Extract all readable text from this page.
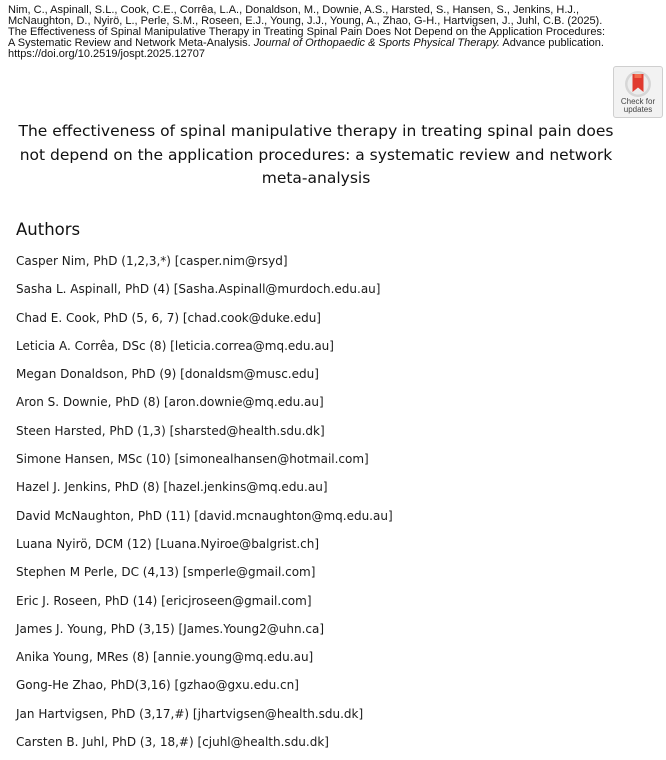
Nim, C., Aspinall, S.L., Cook, C.E., Corrêa, L.A., Donaldson, M., Downie, A.S., Harsted, S., Hansen, S., Jenkins, H.J., McNaughton, D., Nyirö, L., Perle, S.M., Roseen, E.J., Young, J.J., Young, A., Zhao, G-H., Hartvigsen, J., Juhl, C.B. (2025). The Effectiveness of Spinal Manipulative Therapy in Treating Spinal Pain Does Not Depend on the Application Procedures: A Systematic Review and Network Meta-Analysis. Journal of Orthopaedic & Sports Physical Therapy. Advance publication. https://doi.org/10.2519/jospt.2025.12707
Check for
updates
The effectiveness of spinal manipulative therapy in treating spinal pain does not depend on the application procedures: a systematic review and network meta-analysis
Authors
Casper Nim, PhD (1,2,3,*) [casper.nim@rsyd]
Sasha L. Aspinall, PhD (4) [Sasha.Aspinall@murdoch.edu.au]
Chad E. Cook, PhD (5, 6, 7) [chad.cook@duke.edu]
Leticia A. Corrêa, DSc (8) [leticia.correa@mq.edu.au]
Megan Donaldson, PhD (9) [donaldsm@musc.edu]
Aron S. Downie, PhD (8) [aron.downie@mq.edu.au]
Steen Harsted, PhD (1,3) [sharsted@health.sdu.dk]
Simone Hansen, MSc (10) [simonealhansen@hotmail.com]
Hazel J. Jenkins, PhD (8) [hazel.jenkins@mq.edu.au]
David McNaughton, PhD (11) [david.mcnaughton@mq.edu.au]
Luana Nyirö, DCM (12) [Luana.Nyiroe@balgrist.ch]
Stephen M Perle, DC (4,13) [smperle@gmail.com]
Eric J. Roseen, PhD (14) [ericjroseen@gmail.com]
James J. Young, PhD (3,15) [James.Young2@uhn.ca]
Anika Young, MRes (8) [annie.young@mq.edu.au]
Gong-He Zhao, PhD(3,16) [gzhao@gxu.edu.cn]
Jan Hartvigsen, PhD (3,17,#) [jhartvigsen@health.sdu.dk]
Carsten B. Juhl, PhD (3, 18,#) [cjuhl@health.sdu.dk]
